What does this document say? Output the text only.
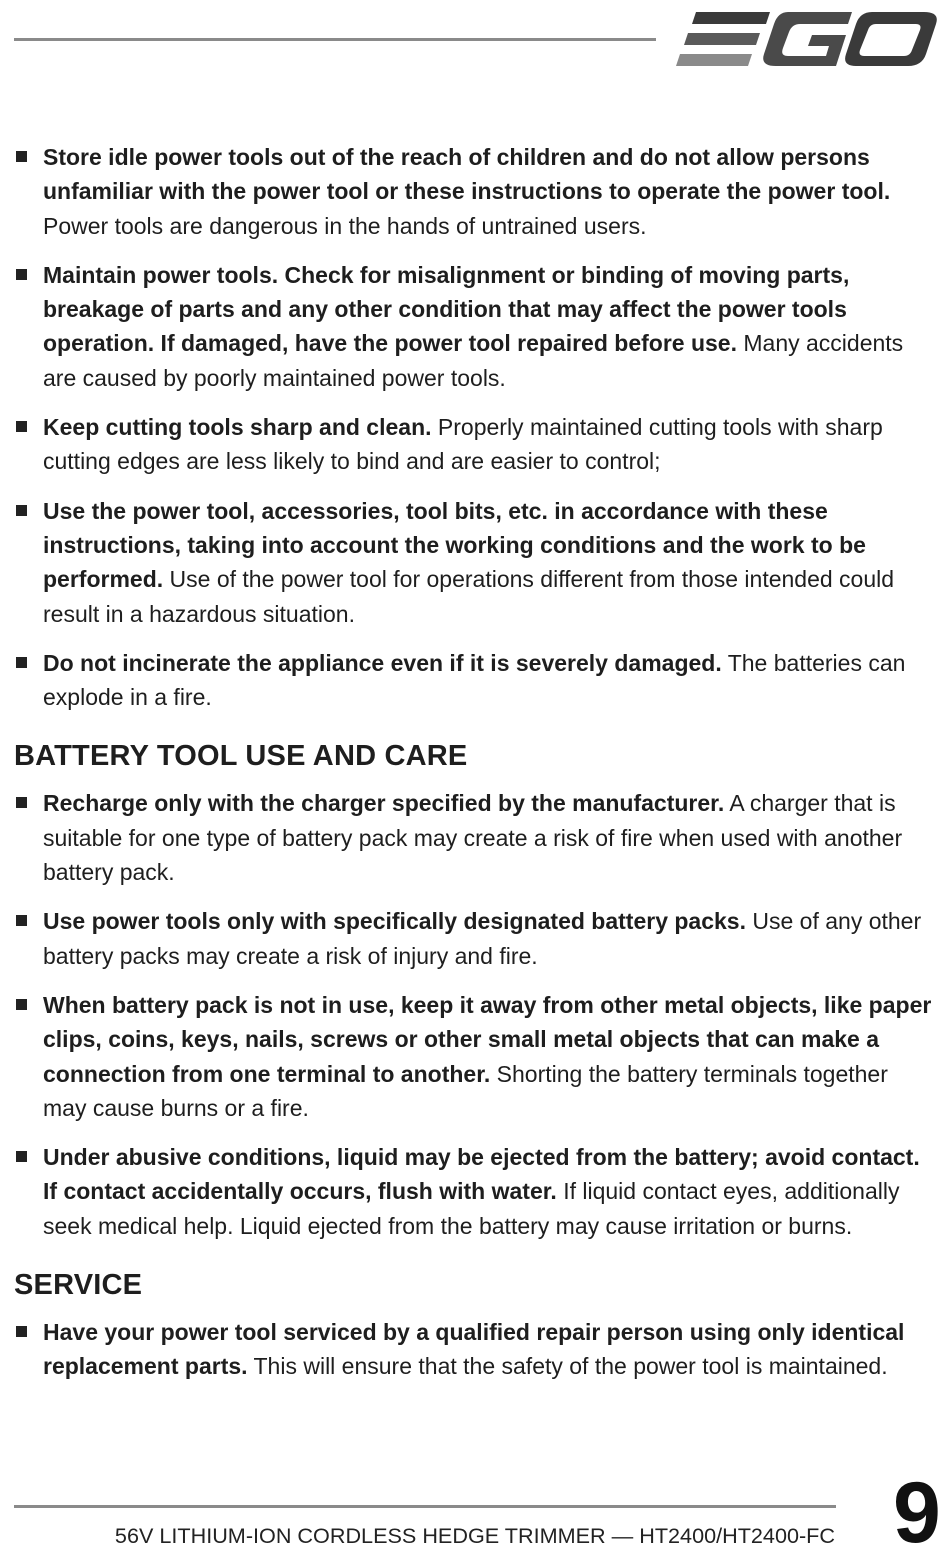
Store idle power tools out of the reach of children and do not allow persons unfamiliar with the power tool or these instructions to operate the power tool. Power tools are dangerous in the hands of untrained users.
Maintain power tools. Check for misalignment or binding of moving parts, breakage of parts and any other condition that may affect the power tools operation. If damaged, have the power tool repaired before use. Many accidents are caused by poorly maintained power tools.
Keep cutting tools sharp and clean. Properly maintained cutting tools with sharp cutting edges are less likely to bind and are easier to control;
Use the power tool, accessories, tool bits, etc. in accordance with these instructions, taking into account the working conditions and the work to be performed. Use of the power tool for operations different from those intended could result in a hazardous situation.
Do not incinerate the appliance even if it is severely damaged. The batteries can explode in a fire.
BATTERY TOOL USE AND CARE
Recharge only with the charger specified by the manufacturer. A charger that is suitable for one type of battery pack may create a risk of fire when used with another battery pack.
Use power tools only with specifically designated battery packs. Use of any other battery packs may create a risk of injury and fire.
When battery pack is not in use, keep it away from other metal objects, like paper clips, coins, keys, nails, screws or other small metal objects that can make a connection from one terminal to another. Shorting the battery terminals together may cause burns or a fire.
Under abusive conditions, liquid may be ejected from the battery; avoid contact. If contact accidentally occurs, flush with water. If liquid contact eyes, additionally seek medical help. Liquid ejected from the battery may cause irritation or burns.
SERVICE
Have your power tool serviced by a qualified repair person using only identical replacement parts. This will ensure that the safety of the power tool is maintained.
56V LITHIUM-ION CORDLESS HEDGE TRIMMER — HT2400/HT2400-FC 9
